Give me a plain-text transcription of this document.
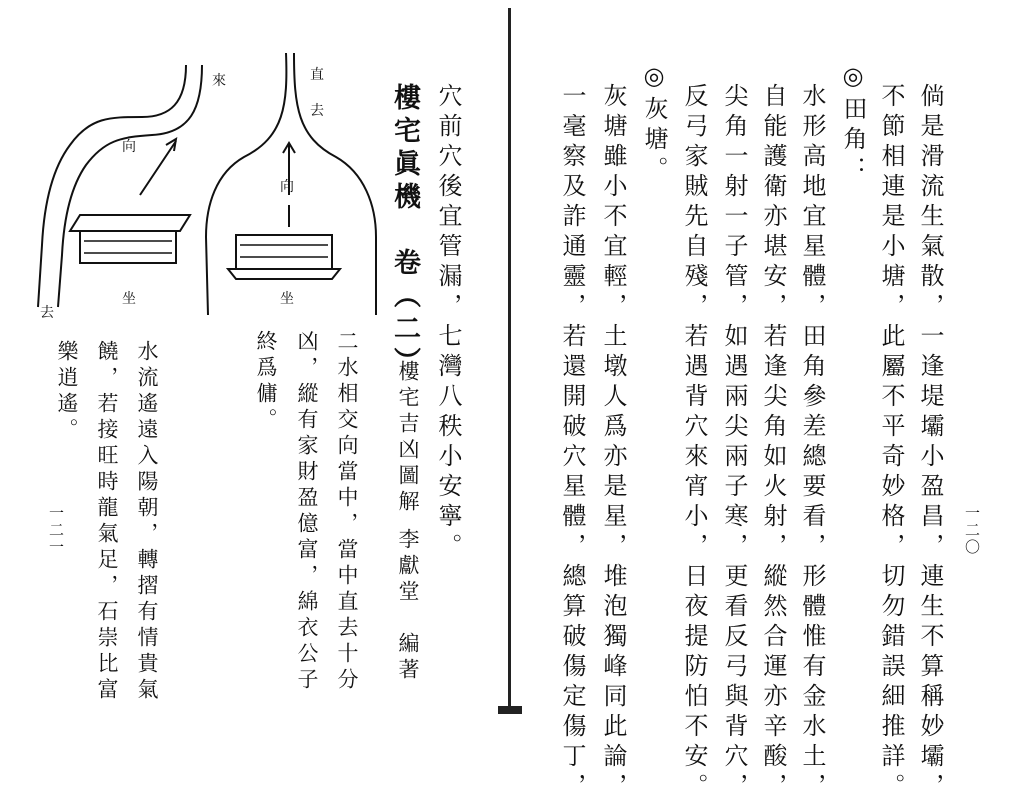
一二〇
倘是滑流生氣散，一逢堤壩小盈昌，連生不算稱妙壩，
不節相連是小塘，此屬不平奇妙格，切勿錯誤細推詳。
◎田角：
水形高地宜星體，田角參差總要看，形體惟有金水土，
自能護衛亦堪安，若逢尖角如火射，縱然合運亦辛酸，
尖角一射一子管，如遇兩尖兩子寒，更看反弓與背穴，
反弓家賊先自殘，若遇背穴來宵小，日夜提防怕不安。
◎灰塘。
灰塘雖小不宜輕，土墩人爲亦是星，堆泡獨峰同此論，
一毫察及詐通靈，若還開破穴星體，總算破傷定傷丁，
穴前穴後宜管漏，七灣八秩小安寧。
樓宅眞機　卷（二）
樓宅吉凶圖解
李獻堂　編著
二水相交向當中，當中直去十分
凶，縱有家財盈億富，綿衣公子
終爲傭。
水流遙遠入陽朝，轉摺有情貴氣
饒，若接旺時龍氣足，石崇比富
樂逍遙。
一二一
直
去
向
坐
來
向
坐
去
